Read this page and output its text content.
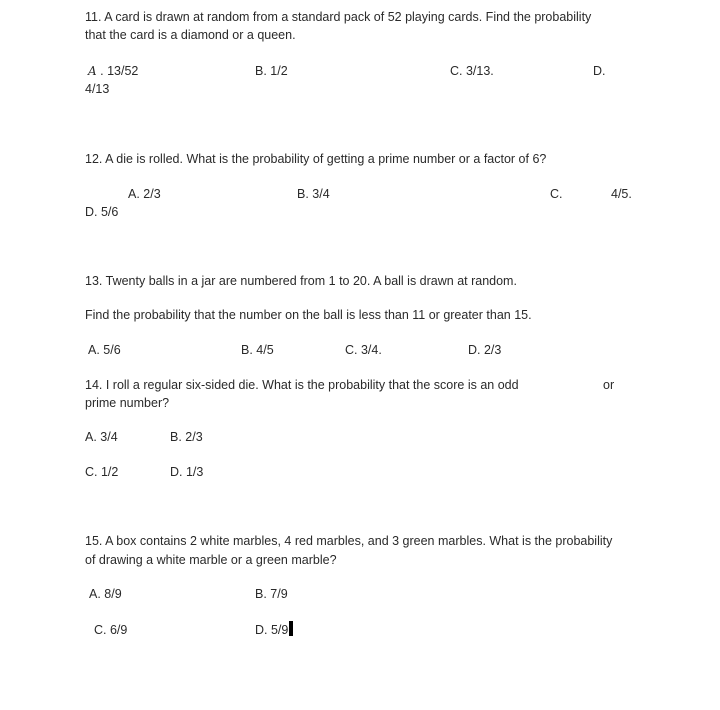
11. A card is drawn at random from a standard pack of 52 playing cards. Find the probability
that the card is a diamond or a queen.
A . 13/52	B. 1/2	C. 3/13.	D.
4/13
12. A die is rolled. What is the probability of getting a prime number or a factor of 6?
A. 2/3	B. 3/4	C.	4/5.
D. 5/6
13. Twenty balls in a jar are numbered from 1 to 20. A ball is drawn at random.
Find the probability that the number on the ball is less than 11 or greater than 15.
A. 5/6	B. 4/5	C. 3/4.	D. 2/3
14. I roll a regular six-sided die. What is the probability that the score is an odd	or
prime number?
A. 3/4	B. 2/3
C. 1/2	D. 1/3
15. A box contains 2 white marbles, 4 red marbles, and 3 green marbles. What is the probability
of drawing a white marble or a green marble?
A. 8/9	B. 7/9
C. 6/9	D. 5/9
